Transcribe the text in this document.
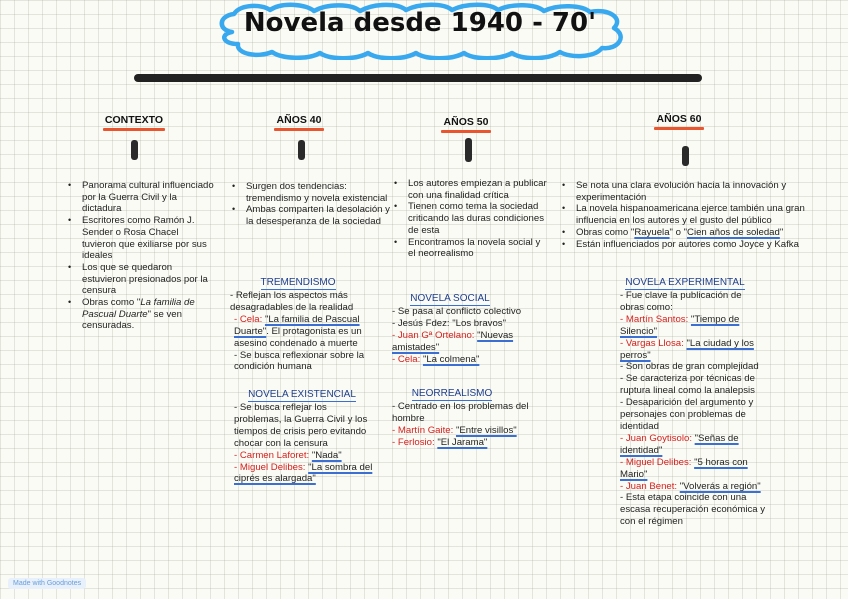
Novela desde 1940 - 70'
CONTEXTO	AÑOS 40	AÑOS 50	AÑOS 60
• Panorama cultural influenciado por la Guerra Civil y la dictadura
• Escritores como Ramón J. Sender o Rosa Chacel tuvieron que exiliarse por sus ideales
• Los que se quedaron estuvieron presionados por la censura
• Obras como "La familia de Pascual Duarte" se ven censuradas.
• Surgen dos tendencias: tremendismo y novela existencial
• Ambas comparten la desolación y la desesperanza de la sociedad
TREMENDISMO
- Reflejan los aspectos más desagradables de la realidad
- Cela: "La familia de Pascual Duarte". El protagonista es un asesino condenado a muerte
- Se busca reflexionar sobre la condición humana
NOVELA EXISTENCIAL
- Se busca reflejar los problemas, la Guerra Civil y los tiempos de crisis pero evitando chocar con la censura
- Carmen Laforet: "Nada"
- Miguel Delibes: "La sombra del ciprés es alargada"
• Los autores empiezan a publicar con una finalidad crítica
• Tienen como tema la sociedad criticando las duras condiciones de esta
• Encontramos la novela social y el neorrealismo
NOVELA SOCIAL
- Se pasa al conflicto colectivo
- Jesús Fdez: "Los bravos"
- Juan Gª Ortelano: "Nuevas amistades"
- Cela: "La colmena"
NEORREALISMO
- Centrado en los problemas del hombre
- Martín Gaite: "Entre visillos"
- Ferlosio: "El Jarama"
• Se nota una clara evolución hacia la innovación y experimentación
• La novela hispanoamericana ejerce también una gran influencia en los autores y el gusto del público
• Obras como "Rayuela" o "Cien años de soledad"
• Están influenciados por autores como Joyce y Kafka
NOVELA EXPERIMENTAL
- Fue clave la publicación de obras como:
- Martín Santos: "Tiempo de Silencio"
- Vargas Llosa: "La ciudad y los perros"
- Son obras de gran complejidad
- Se caracteriza por técnicas de ruptura lineal como la analepsis
- Desaparición del argumento y personajes con problemas de identidad
- Juan Goytisolo: "Señas de identidad"
- Miguel Delibes: "5 horas con Mario"
- Juan Benet: "Volverás a región"
- Esta etapa coincide con una escasa recuperación económica y con el régimen
Made with Goodnotes
